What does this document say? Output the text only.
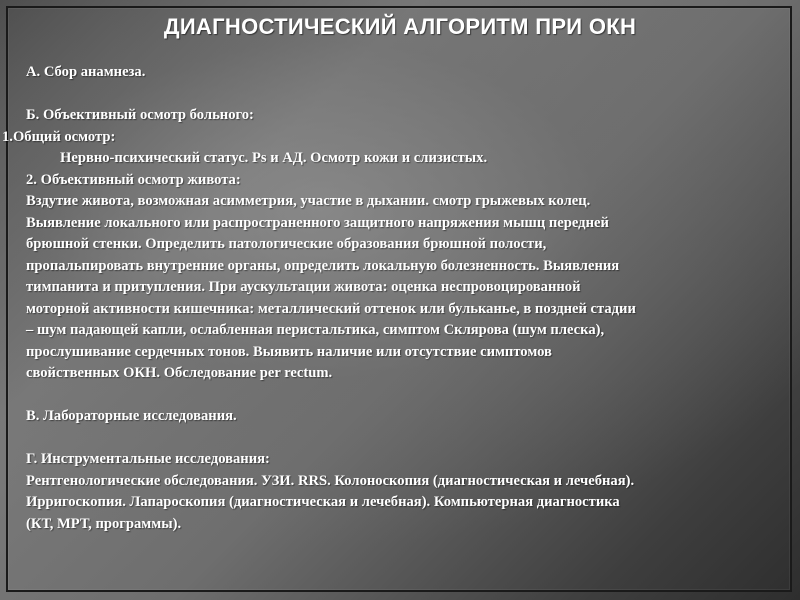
ДИАГНОСТИЧЕСКИЙ АЛГОРИТМ ПРИ ОКН
А. Сбор анамнеза.
Б. Объективный осмотр больного:
1.Общий осмотр:
Нервно-психический статус. Ps и АД. Осмотр кожи и слизистых.
2. Объективный осмотр живота:
Вздутие живота, возможная асимметрия, участие в дыхании. смотр грыжевых колец.
Выявление локального или распространенного защитного напряжения мышц передней
брюшной стенки. Определить патологические образования брюшной полости,
пропальпировать внутренние органы, определить локальную болезненность. Выявления
тимпанита и притупления. При аускультации живота: оценка неспровоцированной
моторной активности кишечника: металлический оттенок или бульканье, в поздней стадии
– шум падающей капли, ослабленная перистальтика, симптом Склярова (шум плеска),
прослушивание сердечных тонов. Выявить наличие или отсутствие симптомов
свойственных ОКН. Обследование per rectum.
В. Лабораторные исследования.
Г. Инструментальные исследования:
Рентгенологические обследования. УЗИ. RRS. Колоноскопия (диагностическая и лечебная).
Ирригоскопия. Лапароскопия (диагностическая и лечебная). Компьютерная диагностика
(КТ, МРТ, программы).
